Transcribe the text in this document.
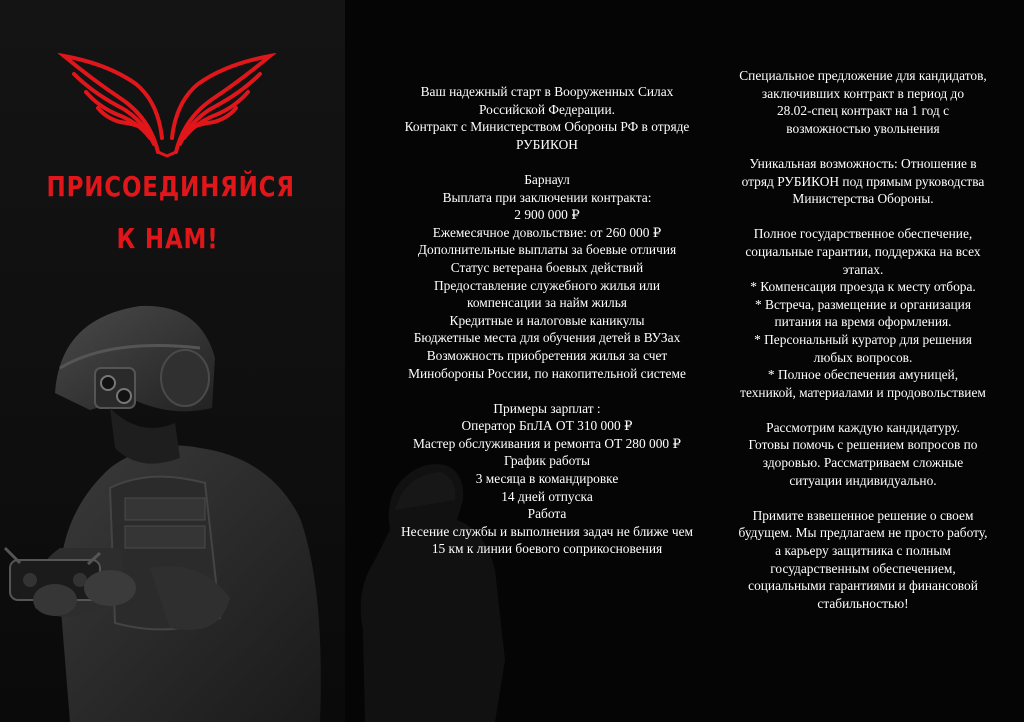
ПРИСОЕДИНЯЙСЯ
К НАМ!
Ваш надежный старт в Вооруженных Силах
Российской Федерации.
Контракт с Министерством Обороны РФ в отряде
РУБИКОН
Барнаул
Выплата при заключении контракта:
2 900 000 ₽
Ежемесячное довольствие: от 260 000 ₽
Дополнительные выплаты за боевые отличия
Статус ветерана боевых действий
Предоставление служебного жилья или
компенсации за найм жилья
Кредитные и налоговые каникулы
Бюджетные места для обучения детей в ВУЗах
Возможность приобретения жилья за счет
Минобороны России, по накопительной системе
Примеры зарплат :
Оператор БпЛА ОТ 310 000 ₽
Мастер обслуживания и ремонта ОТ 280 000 ₽
График работы
3 месяца в командировке
14 дней отпуска
Работа
Несение службы и выполнения задач не ближе чем
15 км к линии боевого соприкосновения
Специальное предложение для кандидатов,
заключивших контракт в период до
28.02-спец контракт на 1 год с
возможностью увольнения
Уникальная возможность: Отношение в
отряд РУБИКОН под прямым руководства
Министерства Обороны.
Полное государственное обеспечение,
социальные гарантии, поддержка на всех
этапах.
* Компенсация проезда к месту отбора.
* Встреча, размещение и организация
питания на время оформления.
* Персональный куратор для решения
любых вопросов.
* Полное обеспечения амуницей,
техникой, материалами и продовольствием
Рассмотрим каждую кандидатуру.
Готовы помочь с решением вопросов по
здоровью. Рассматриваем сложные
ситуации индивидуально.
Примите взвешенное решение о своем
будущем. Мы предлагаем не просто работу,
а карьеру защитника с полным
государственным обеспечением,
социальными гарантиями и финансовой
стабильностью!
